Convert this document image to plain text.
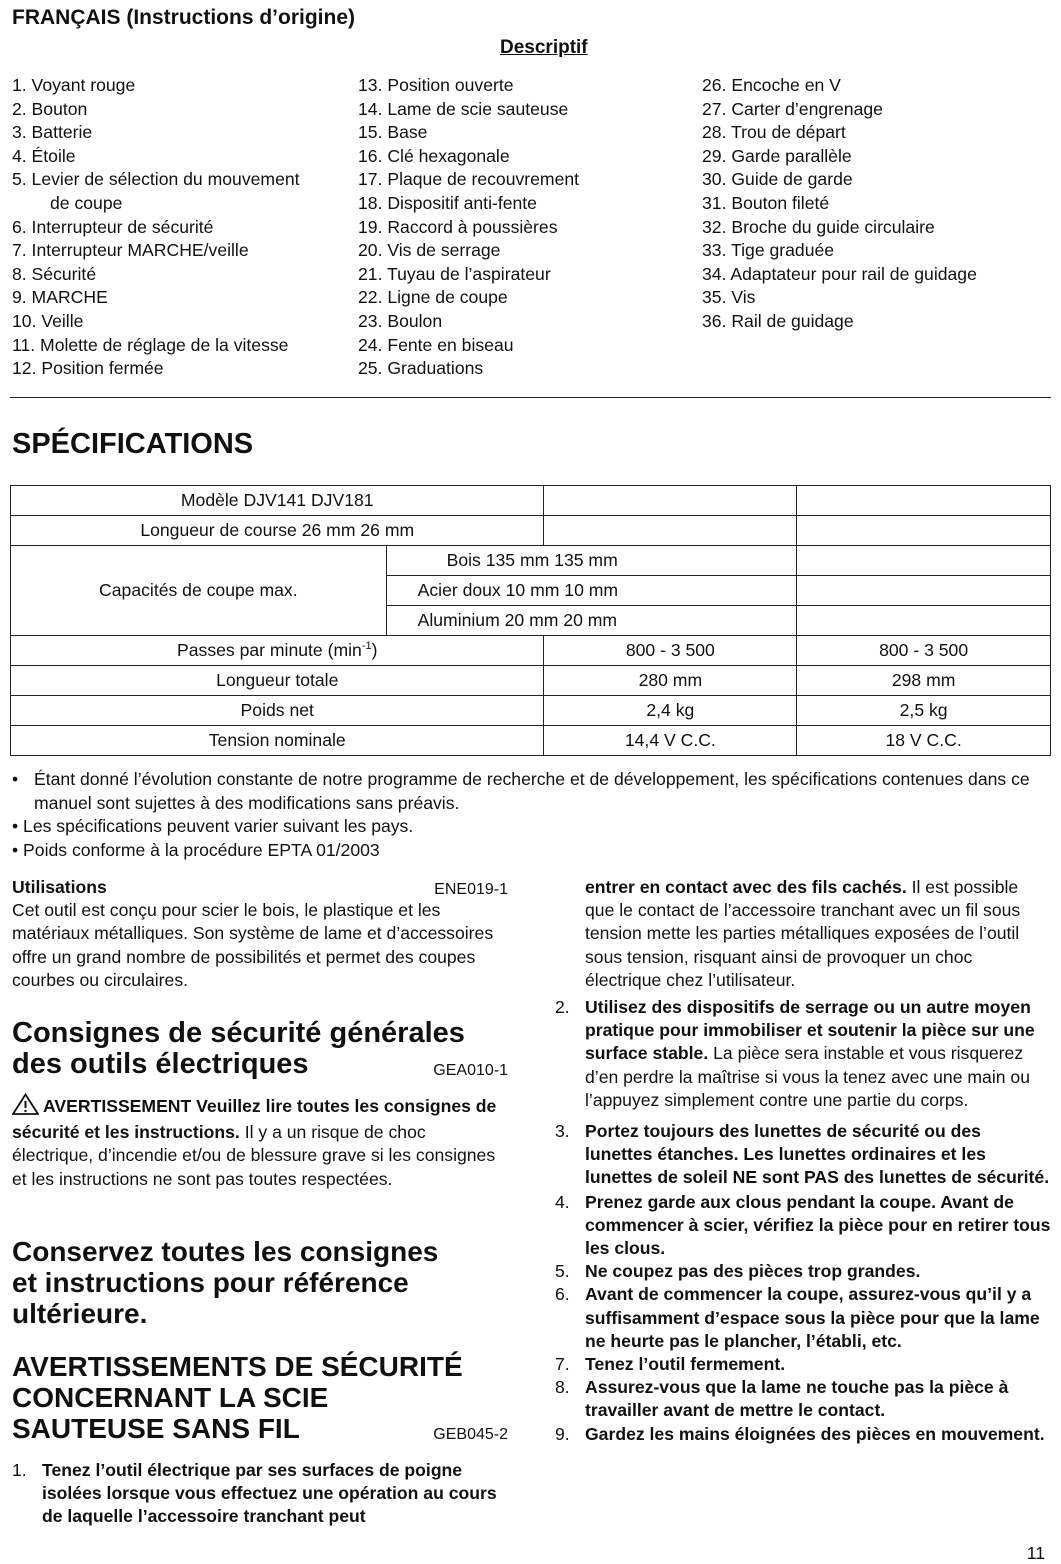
FRANÇAIS (Instructions d’origine)
Descriptif
1. Voyant rouge
2. Bouton
3. Batterie
4. Étoile
5. Levier de sélection du mouvement
de coupe
6. Interrupteur de sécurité
7. Interrupteur MARCHE/veille
8. Sécurité
9. MARCHE
10. Veille
11. Molette de réglage de la vitesse
12. Position fermée
13. Position ouverte
14. Lame de scie sauteuse
15. Base
16. Clé hexagonale
17. Plaque de recouvrement
18. Dispositif anti-fente
19. Raccord à poussières
20. Vis de serrage
21. Tuyau de l’aspirateur
22. Ligne de coupe
23. Boulon
24. Fente en biseau
25. Graduations
26. Encoche en V
27. Carter d’engrenage
28. Trou de départ
29. Garde parallèle
30. Guide de garde
31. Bouton fileté
32. Broche du guide circulaire
33. Tige graduée
34. Adaptateur pour rail de guidage
35. Vis
36. Rail de guidage
SPÉCIFICATIONS
Modèle DJV141 DJV181			
Longueur de course 26 mm 26 mm			
Capacités de coupe max.	Bois 135 mm 135 mm		
	Acier doux 10 mm 10 mm		
	Aluminium 20 mm 20 mm		
Passes par minute $(\min^{-1})$		800 - 3 500	800 - 3 500
Longueur totale		280 mm	298 mm
Poids net		2,4 kg	2,5 kg
Tension nominale		14,4 V C.C.	18 V C.C.
• Étant donné l’évolution constante de notre programme de recherche et de développement, les spécifications contenues dans ce manuel sont sujettes à des modifications sans préavis.
• Les spécifications peuvent varier suivant les pays.
• Poids conforme à la procédure EPTA 01/2003
Utilisations	ENE019-1
Cet outil est conçu pour scier le bois, le plastique et les matériaux métalliques. Son système de lame et d’accessoires offre un grand nombre de possibilités et permet des coupes courbes ou circulaires.
Consignes de sécurité générales
des outils électriques	GEA010-1
AVERTISSEMENT Veuillez lire toutes les consignes de sécurité et les instructions. Il y a un risque de choc électrique, d’incendie et/ou de blessure grave si les consignes et les instructions ne sont pas toutes respectées.
Conservez toutes les consignes
et instructions pour référence
ultérieure.
AVERTISSEMENTS DE SÉCURITÉ
CONCERNANT LA SCIE
SAUTEUSE SANS FIL	GEB045-2
1. Tenez l’outil électrique par ses surfaces de poigne isolées lorsque vous effectuez une opération au cours de laquelle l’accessoire tranchant peut
entrer en contact avec des fils cachés. Il est possible que le contact de l’accessoire tranchant avec un fil sous tension mette les parties métalliques exposées de l’outil sous tension, risquant ainsi de provoquer un choc électrique chez l’utilisateur.
2. Utilisez des dispositifs de serrage ou un autre moyen pratique pour immobiliser et soutenir la pièce sur une surface stable. La pièce sera instable et vous risquerez d’en perdre la maîtrise si vous la tenez avec une main ou l’appuyez simplement contre une partie du corps.
3. Portez toujours des lunettes de sécurité ou des lunettes étanches. Les lunettes ordinaires et les lunettes de soleil NE sont PAS des lunettes de sécurité.
4. Prenez garde aux clous pendant la coupe. Avant de commencer à scier, vérifiez la pièce pour en retirer tous les clous.
5. Ne coupez pas des pièces trop grandes.
6. Avant de commencer la coupe, assurez-vous qu’il y a suffisamment d’espace sous la pièce pour que la lame ne heurte pas le plancher, l’établi, etc.
7. Tenez l’outil fermement.
8. Assurez-vous que la lame ne touche pas la pièce à travailler avant de mettre le contact.
9. Gardez les mains éloignées des pièces en mouvement.
11
